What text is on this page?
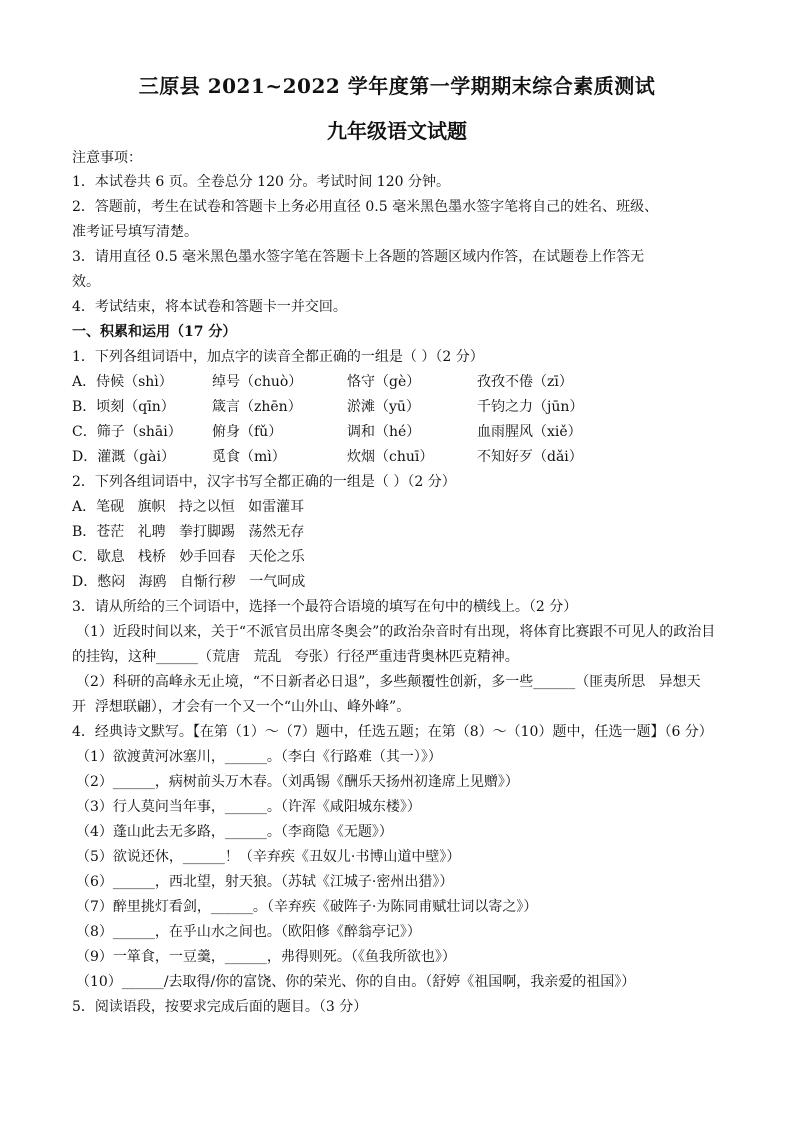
三原县 2021~2022 学年度第一学期期末综合素质测试
九年级语文试题
注意事项：
1．本试卷共 6 页。全卷总分 120 分。考试时间 120 分钟。
2．答题前，考生在试卷和答题卡上务必用直径 0.5 毫米黑色墨水签字笔将自己的姓名、班级、
准考证号填写清楚。
3．请用直径 0.5 毫米黑色墨水签字笔在答题卡上各题的答题区域内作答，在试题卷上作答无
效。
4．考试结束，将本试卷和答题卡一并交回。
一、积累和运用（17 分）
1．下列各组词语中，加点字的读音全都正确的一组是（ ）（2 分）
A．侍候（shì）	绰号（chuò）	恪守（gè）	孜孜不倦（zī）
B．顷刻（qīn）	箴言（zhēn）	淤滩（yū）	千钧之力（jūn）
C．筛子（shāi） 俯身（fǔ）	调和（hé）	血雨腥风（xiě）
D．灌溉（gài）	觅食（mì）	炊烟（chuī）	不知好歹（dǎi）
2．下列各组词语中，汉字书写全都正确的一组是（ ）（2 分）
A．笔砚   旗帜   持之以恒   如雷灌耳
B．苍茫   礼聘   拳打脚踢   荡然无存
C．歇息   栈桥   妙手回春   天伦之乐
D．憋闷   海鸥   自惭行秽   一气呵成
3．请从所给的三个词语中，选择一个最符合语境的填写在句中的横线上。（2 分）
（1）近段时间以来，关于“不派官员出席冬奥会”的政治杂音时有出现，将体育比赛跟不可见人的政治目
的挂钩，这种______（荒唐   荒乱   夸张）行径严重违背奥林匹克精神。
（2）科研的高峰永无止境，“不日新者必日退”，多些颠覆性创新，多一些______（匪夷所思   异想天
开  浮想联翩），才会有一个又一个“山外山、峰外峰”。
4．经典诗文默写。【在第（1）～（7）题中，任选五题；在第（8）～（10）题中，任选一题】（6 分）
（1）欲渡黄河冰塞川，______。（李白《行路难（其一）》）
（2）______，病树前头万木春。（刘禹锡《酬乐天扬州初逢席上见赠》）
（3）行人莫问当年事，______。（许浑《咸阳城东楼》）
（4）蓬山此去无多路，______。（李商隐《无题》）
（5）欲说还休，______！（辛弃疾《丑奴儿·书博山道中壁》）
（6）______，西北望，射天狼。（苏轼《江城子·密州出猎》）
（7）醉里挑灯看剑，______。（辛弃疾《破阵子·为陈同甫赋壮词以寄之》）
（8）______，在乎山水之间也。（欧阳修《醉翁亭记》）
（9）一箪食，一豆羹，______，弗得则死。（《鱼我所欲也》）
（10）______/去取得/你的富饶、你的荣光、你的自由。（舒婷《祖国啊，我亲爱的祖国》）
5．阅读语段，按要求完成后面的题目。（3 分）
